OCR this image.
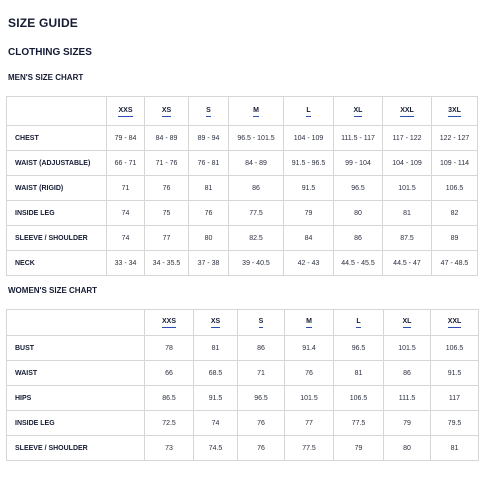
SIZE GUIDE
CLOTHING SIZES
MEN'S SIZE CHART
	XXS	XS	S	M	L	XL	XXL	3XL
CHEST	79 - 84	84 - 89	89 - 94	96.5 - 101.5	104 - 109	111.5 - 117	117 - 122	122 - 127
WAIST (ADJUSTABLE)	66 - 71	71 - 76	76 - 81	84 - 89	91.5 - 96.5	99 - 104	104 - 109	109 - 114
WAIST (RIGID)	71	76	81	86	91.5	96.5	101.5	106.5
INSIDE LEG	74	75	76	77.5	79	80	81	82
SLEEVE / SHOULDER	74	77	80	82.5	84	86	87.5	89
NECK	33 - 34	34 - 35.5	37 - 38	39 - 40.5	42 - 43	44.5 - 45.5	44.5 - 47	47 - 48.5
WOMEN'S SIZE CHART
	XXS	XS	S	M	L	XL	XXL
BUST	78	81	86	91.4	96.5	101.5	106.5
WAIST	66	68.5	71	76	81	86	91.5
HIPS	86.5	91.5	96.5	101.5	106.5	111.5	117
INSIDE LEG	72.5	74	76	77	77.5	79	79.5
SLEEVE / SHOULDER	73	74.5	76	77.5	79	80	81
